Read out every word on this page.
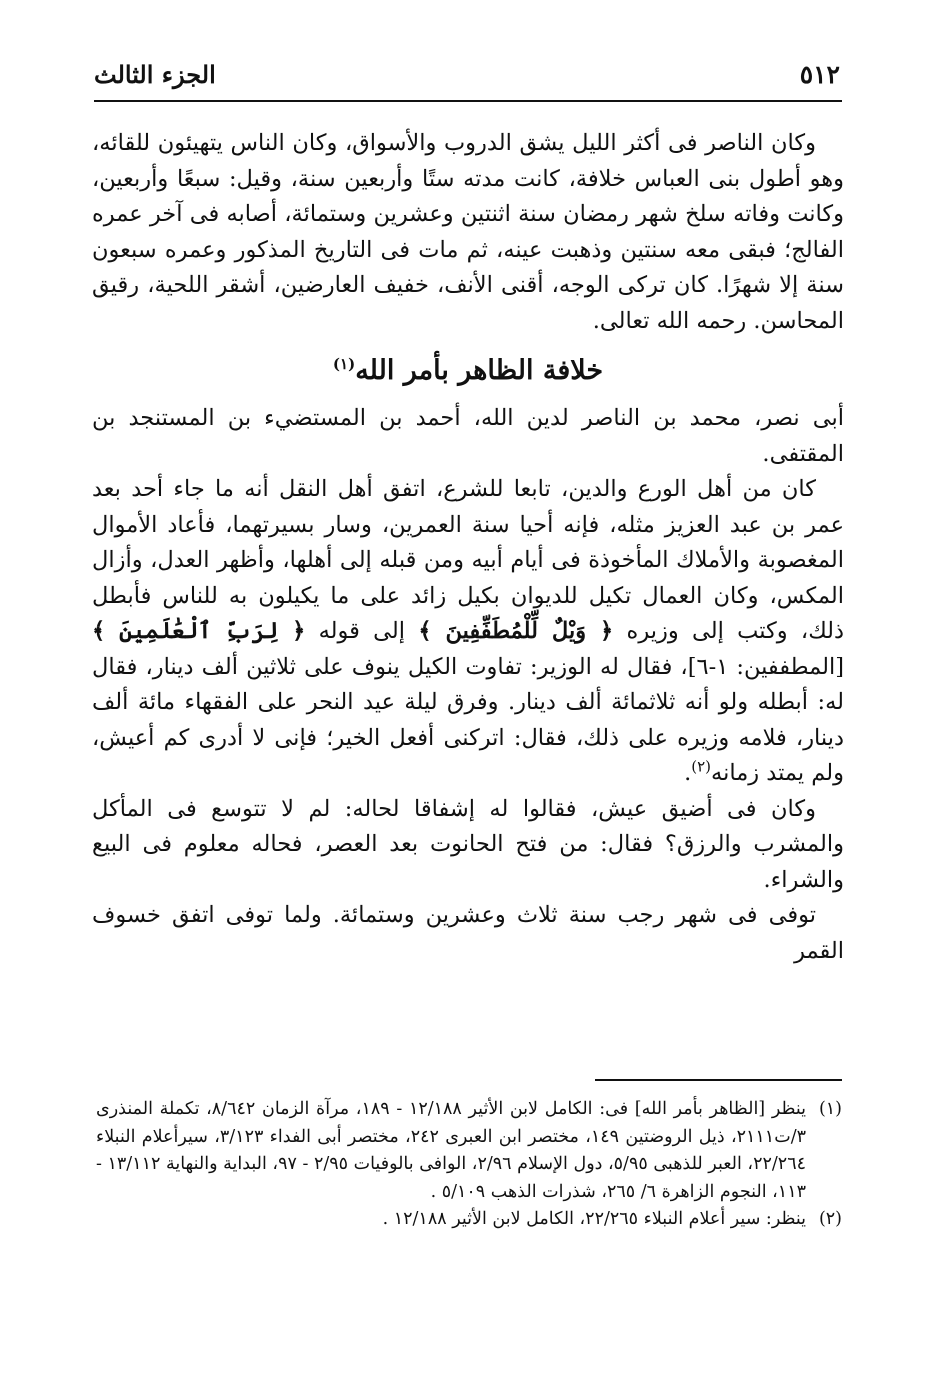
٥١٢
الجزء الثالث

وكان الناصر فى أكثر الليل يشق الدروب والأسواق، وكان الناس يتهيئون للقائه، وهو أطول بنى العباس خلافة، كانت مدته ستًا وأربعين سنة، وقيل: سبعًا وأربعين، وكانت وفاته سلخ شهر رمضان سنة اثنتين وعشرين وستمائة، أصابه فى آخر عمره الفالج؛ فبقى معه سنتين وذهبت عينه، ثم مات فى التاريخ المذكور وعمره سبعون سنة إلا شهرًا. كان تركى الوجه، أقنى الأنف، خفيف العارضين، أشقر اللحية، رقيق المحاسن. رحمه الله تعالى.

خلافة الظاهر بأمر الله$^{(١)}$

أبى نصر، محمد بن الناصر لدين الله، أحمد بن المستضيء بن المستنجد بن المقتفى.

كان من أهل الورع والدين، تابعا للشرع، اتفق أهل النقل أنه ما جاء أحد بعد عمر بن عبد العزيز مثله، فإنه أحيا سنة العمرين، وسار بسيرتهما، فأعاد الأموال المغصوبة والأملاك المأخوذة فى أيام أبيه ومن قبله إلى أهلها، وأظهر العدل، وأزال المكس، وكان العمال تكيل للديوان بكيل زائد على ما يكيلون به للناس فأبطل ذلك، وكتب إلى وزيره ﴿ وَيْلٌ لِّلْمُطَفِّفِينَ ﴾ إلى قوله ﴿ لِرَبِّ ٱلْعَٰلَمِينَ ﴾ [المطففين: ١-٦]، فقال له الوزير: تفاوت الكيل ينوف على ثلاثين ألف دينار، فقال له: أبطله ولو أنه ثلاثمائة ألف دينار. وفرق ليلة عيد النحر على الفقهاء مائة ألف دينار، فلامه وزيره على ذلك، فقال: اتركنى أفعل الخير؛ فإنى لا أدرى كم أعيش، ولم يمتد زمانه$^{(٢)}$.

وكان فى أضيق عيش، فقالوا له إشفاقا لحاله: لم لا تتوسع فى المأكل والمشرب والرزق؟ فقال: من فتح الحانوت بعد العصر، فحاله معلوم فى البيع والشراء.

توفى فى شهر رجب سنة ثلاث وعشرين وستمائة. ولما توفى اتفق خسوف القمر

(١)
ينظر [الظاهر بأمر الله] فى: الكامل لابن الأثير ١٢/١٨٨ - ١٨٩، مرآة الزمان ٨/٦٤٢، تكملة المنذرى ٣/ت٢١١١، ذيل الروضتين ١٤٩، مختصر ابن العبرى ٢٤٢، مختصر أبى الفداء ٣/١٢٣، سيرأعلام النبلاء ٢٢/٢٦٤، العبر للذهبى ٥/٩٥، دول الإسلام ٢/٩٦، الوافى بالوفيات ٢/٩٥ - ٩٧، البداية والنهاية ١٣/١١٢ - ١١٣، النجوم الزاهرة ٦/ ٢٦٥، شذرات الذهب ٥/١٠٩ .

(٢)
ينظر: سير أعلام النبلاء ٢٢/٢٦٥، الكامل لابن الأثير ١٢/١٨٨ .
